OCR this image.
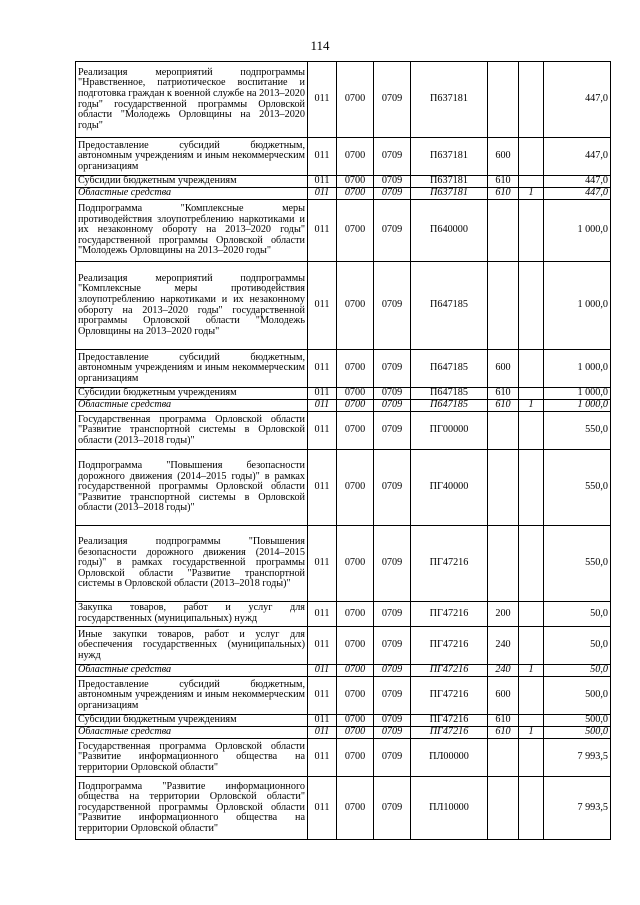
114
Реализация мероприятий подпрограммы "Нравственное, патриотическое воспитание и подготовка граждан к военной службе на 2013–2020 годы" государственной программы Орловской области "Молодежь Орловщины на 2013–2020 годы"	011	0700	0709	П637181			447,0
Предоставление субсидий бюджетным, автономным учреждениям и иным некоммерческим организациям	011	0700	0709	П637181	600		447,0
Субсидии бюджетным учреждениям	011	0700	0709	П637181	610		447,0
Областные средства	011	0700	0709	П637181	610	1	447,0
Подпрограмма "Комплексные меры противодействия злоупотреблению наркотиками и их незаконному обороту на 2013–2020 годы" государственной программы Орловской области "Молодежь Орловщины на 2013–2020 годы"	011	0700	0709	П640000			1 000,0
Реализация мероприятий подпрограммы "Комплексные меры противодействия злоупотреблению наркотиками и их незаконному обороту на 2013–2020 годы" государственной программы Орловской области "Молодежь Орловщины на 2013–2020 годы"	011	0700	0709	П647185			1 000,0
Предоставление субсидий бюджетным, автономным учреждениям и иным некоммерческим организациям	011	0700	0709	П647185	600		1 000,0
Субсидии бюджетным учреждениям	011	0700	0709	П647185	610		1 000,0
Областные средства	011	0700	0709	П647185	610	1	1 000,0
Государственная программа Орловской области "Развитие транспортной системы в Орловской области (2013–2018 годы)"	011	0700	0709	ПГ00000			550,0
Подпрограмма "Повышения безопасности дорожного движения (2014–2015 годы)" в рамках государственной программы Орловской области "Развитие транспортной системы в Орловской области (2013–2018 годы)"	011	0700	0709	ПГ40000			550,0
Реализация подпрограммы "Повышения безопасности дорожного движения (2014–2015 годы)" в рамках государственной программы Орловской области "Развитие транспортной системы в Орловской области (2013–2018 годы)"	011	0700	0709	ПГ47216			550,0
Закупка товаров, работ и услуг для государственных (муниципальных) нужд	011	0700	0709	ПГ47216	200		50,0
Иные закупки товаров, работ и услуг для обеспечения государственных (муниципальных) нужд	011	0700	0709	ПГ47216	240		50,0
Областные средства	011	0700	0709	ПГ47216	240	1	50,0
Предоставление субсидий бюджетным, автономным учреждениям и иным некоммерческим организациям	011	0700	0709	ПГ47216	600		500,0
Субсидии бюджетным учреждениям	011	0700	0709	ПГ47216	610		500,0
Областные средства	011	0700	0709	ПГ47216	610	1	500,0
Государственная программа Орловской области "Развитие информационного общества на территории Орловской области"	011	0700	0709	ПЛ00000			7 993,5
Подпрограмма "Развитие информационного общества на территории Орловской области" государственной программы Орловской области "Развитие информационного общества на территории Орловской области"	011	0700	0709	ПЛ10000			7 993,5
